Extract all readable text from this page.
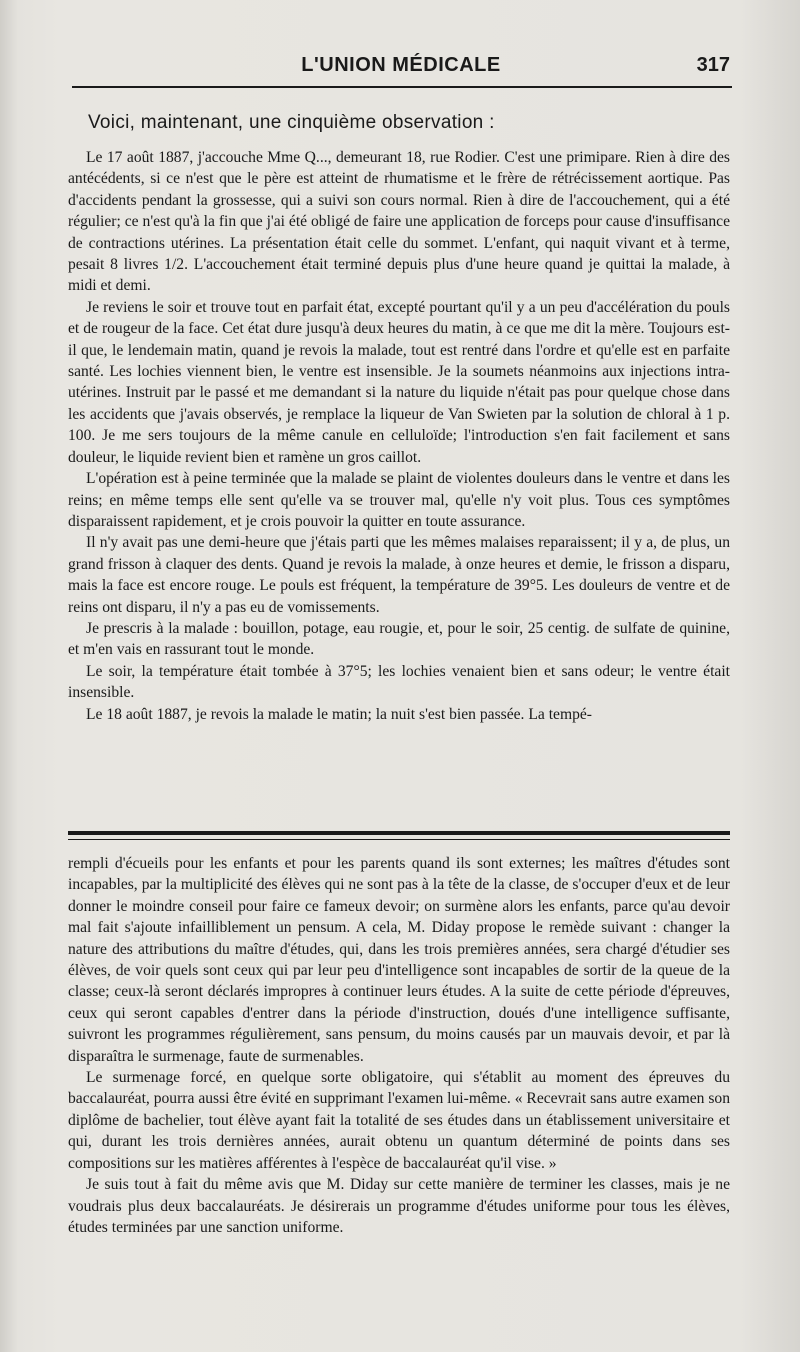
L'UNION MÉDICALE	317
Voici, maintenant, une cinquième observation :

Le 17 août 1887, j'accouche Mme Q..., demeurant 18, rue Rodier. C'est une primipare. Rien à dire des antécédents, si ce n'est que le père est atteint de rhumatisme et le frère de rétrécissement aortique. Pas d'accidents pendant la grossesse, qui a suivi son cours normal. Rien à dire de l'accouchement, qui a été régulier; ce n'est qu'à la fin que j'ai été obligé de faire une application de forceps pour cause d'insuffisance de contractions utérines. La présentation était celle du sommet. L'enfant, qui naquit vivant et à terme, pesait 8 livres 1/2. L'accouchement était terminé depuis plus d'une heure quand je quittai la malade, à midi et demi.

Je reviens le soir et trouve tout en parfait état, excepté pourtant qu'il y a un peu d'accélération du pouls et de rougeur de la face. Cet état dure jusqu'à deux heures du matin, à ce que me dit la mère. Toujours est-il que, le lendemain matin, quand je revois la malade, tout est rentré dans l'ordre et qu'elle est en parfaite santé. Les lochies viennent bien, le ventre est insensible. Je la soumets néanmoins aux injections intra-utérines. Instruit par le passé et me demandant si la nature du liquide n'était pas pour quelque chose dans les accidents que j'avais observés, je remplace la liqueur de Van Swieten par la solution de chloral à 1 p. 100. Je me sers toujours de la même canule en celluloïde; l'introduction s'en fait facilement et sans douleur, le liquide revient bien et ramène un gros caillot.

L'opération est à peine terminée que la malade se plaint de violentes douleurs dans le ventre et dans les reins; en même temps elle sent qu'elle va se trouver mal, qu'elle n'y voit plus. Tous ces symptômes disparaissent rapidement, et je crois pouvoir la quitter en toute assurance.

Il n'y avait pas une demi-heure que j'étais parti que les mêmes malaises reparaissent; il y a, de plus, un grand frisson à claquer des dents. Quand je revois la malade, à onze heures et demie, le frisson a disparu, mais la face est encore rouge. Le pouls est fréquent, la température de 39°5. Les douleurs de ventre et de reins ont disparu, il n'y a pas eu de vomissements.

Je prescris à la malade : bouillon, potage, eau rougie, et, pour le soir, 25 centig. de sulfate de quinine, et m'en vais en rassurant tout le monde.

Le soir, la température était tombée à 37°5; les lochies venaient bien et sans odeur; le ventre était insensible.

Le 18 août 1887, je revois la malade le matin; la nuit s'est bien passée. La tempé-

rempli d'écueils pour les enfants et pour les parents quand ils sont externes; les maîtres d'études sont incapables, par la multiplicité des élèves qui ne sont pas à la tête de la classe, de s'occuper d'eux et de leur donner le moindre conseil pour faire ce fameux devoir; on surmène alors les enfants, parce qu'au devoir mal fait s'ajoute infailliblement un pensum. A cela, M. Diday propose le remède suivant : changer la nature des attributions du maître d'études, qui, dans les trois premières années, sera chargé d'étudier ses élèves, de voir quels sont ceux qui par leur peu d'intelligence sont incapables de sortir de la queue de la classe; ceux-là seront déclarés impropres à continuer leurs études. A la suite de cette période d'épreuves, ceux qui seront capables d'entrer dans la période d'instruction, doués d'une intelligence suffisante, suivront les programmes régulièrement, sans pensum, du moins causés par un mauvais devoir, et par là disparaîtra le surmenage, faute de surmenables.

Le surmenage forcé, en quelque sorte obligatoire, qui s'établit au moment des épreuves du baccalauréat, pourra aussi être évité en supprimant l'examen lui-même. « Recevrait sans autre examen son diplôme de bachelier, tout élève ayant fait la totalité de ses études dans un établissement universitaire et qui, durant les trois dernières années, aurait obtenu un quantum déterminé de points dans ses compositions sur les matières afférentes à l'espèce de baccalauréat qu'il vise. »

Je suis tout à fait du même avis que M. Diday sur cette manière de terminer les classes, mais je ne voudrais plus deux baccalauréats. Je désirerais un programme d'études uniforme pour tous les élèves, études terminées par une sanction uniforme.
